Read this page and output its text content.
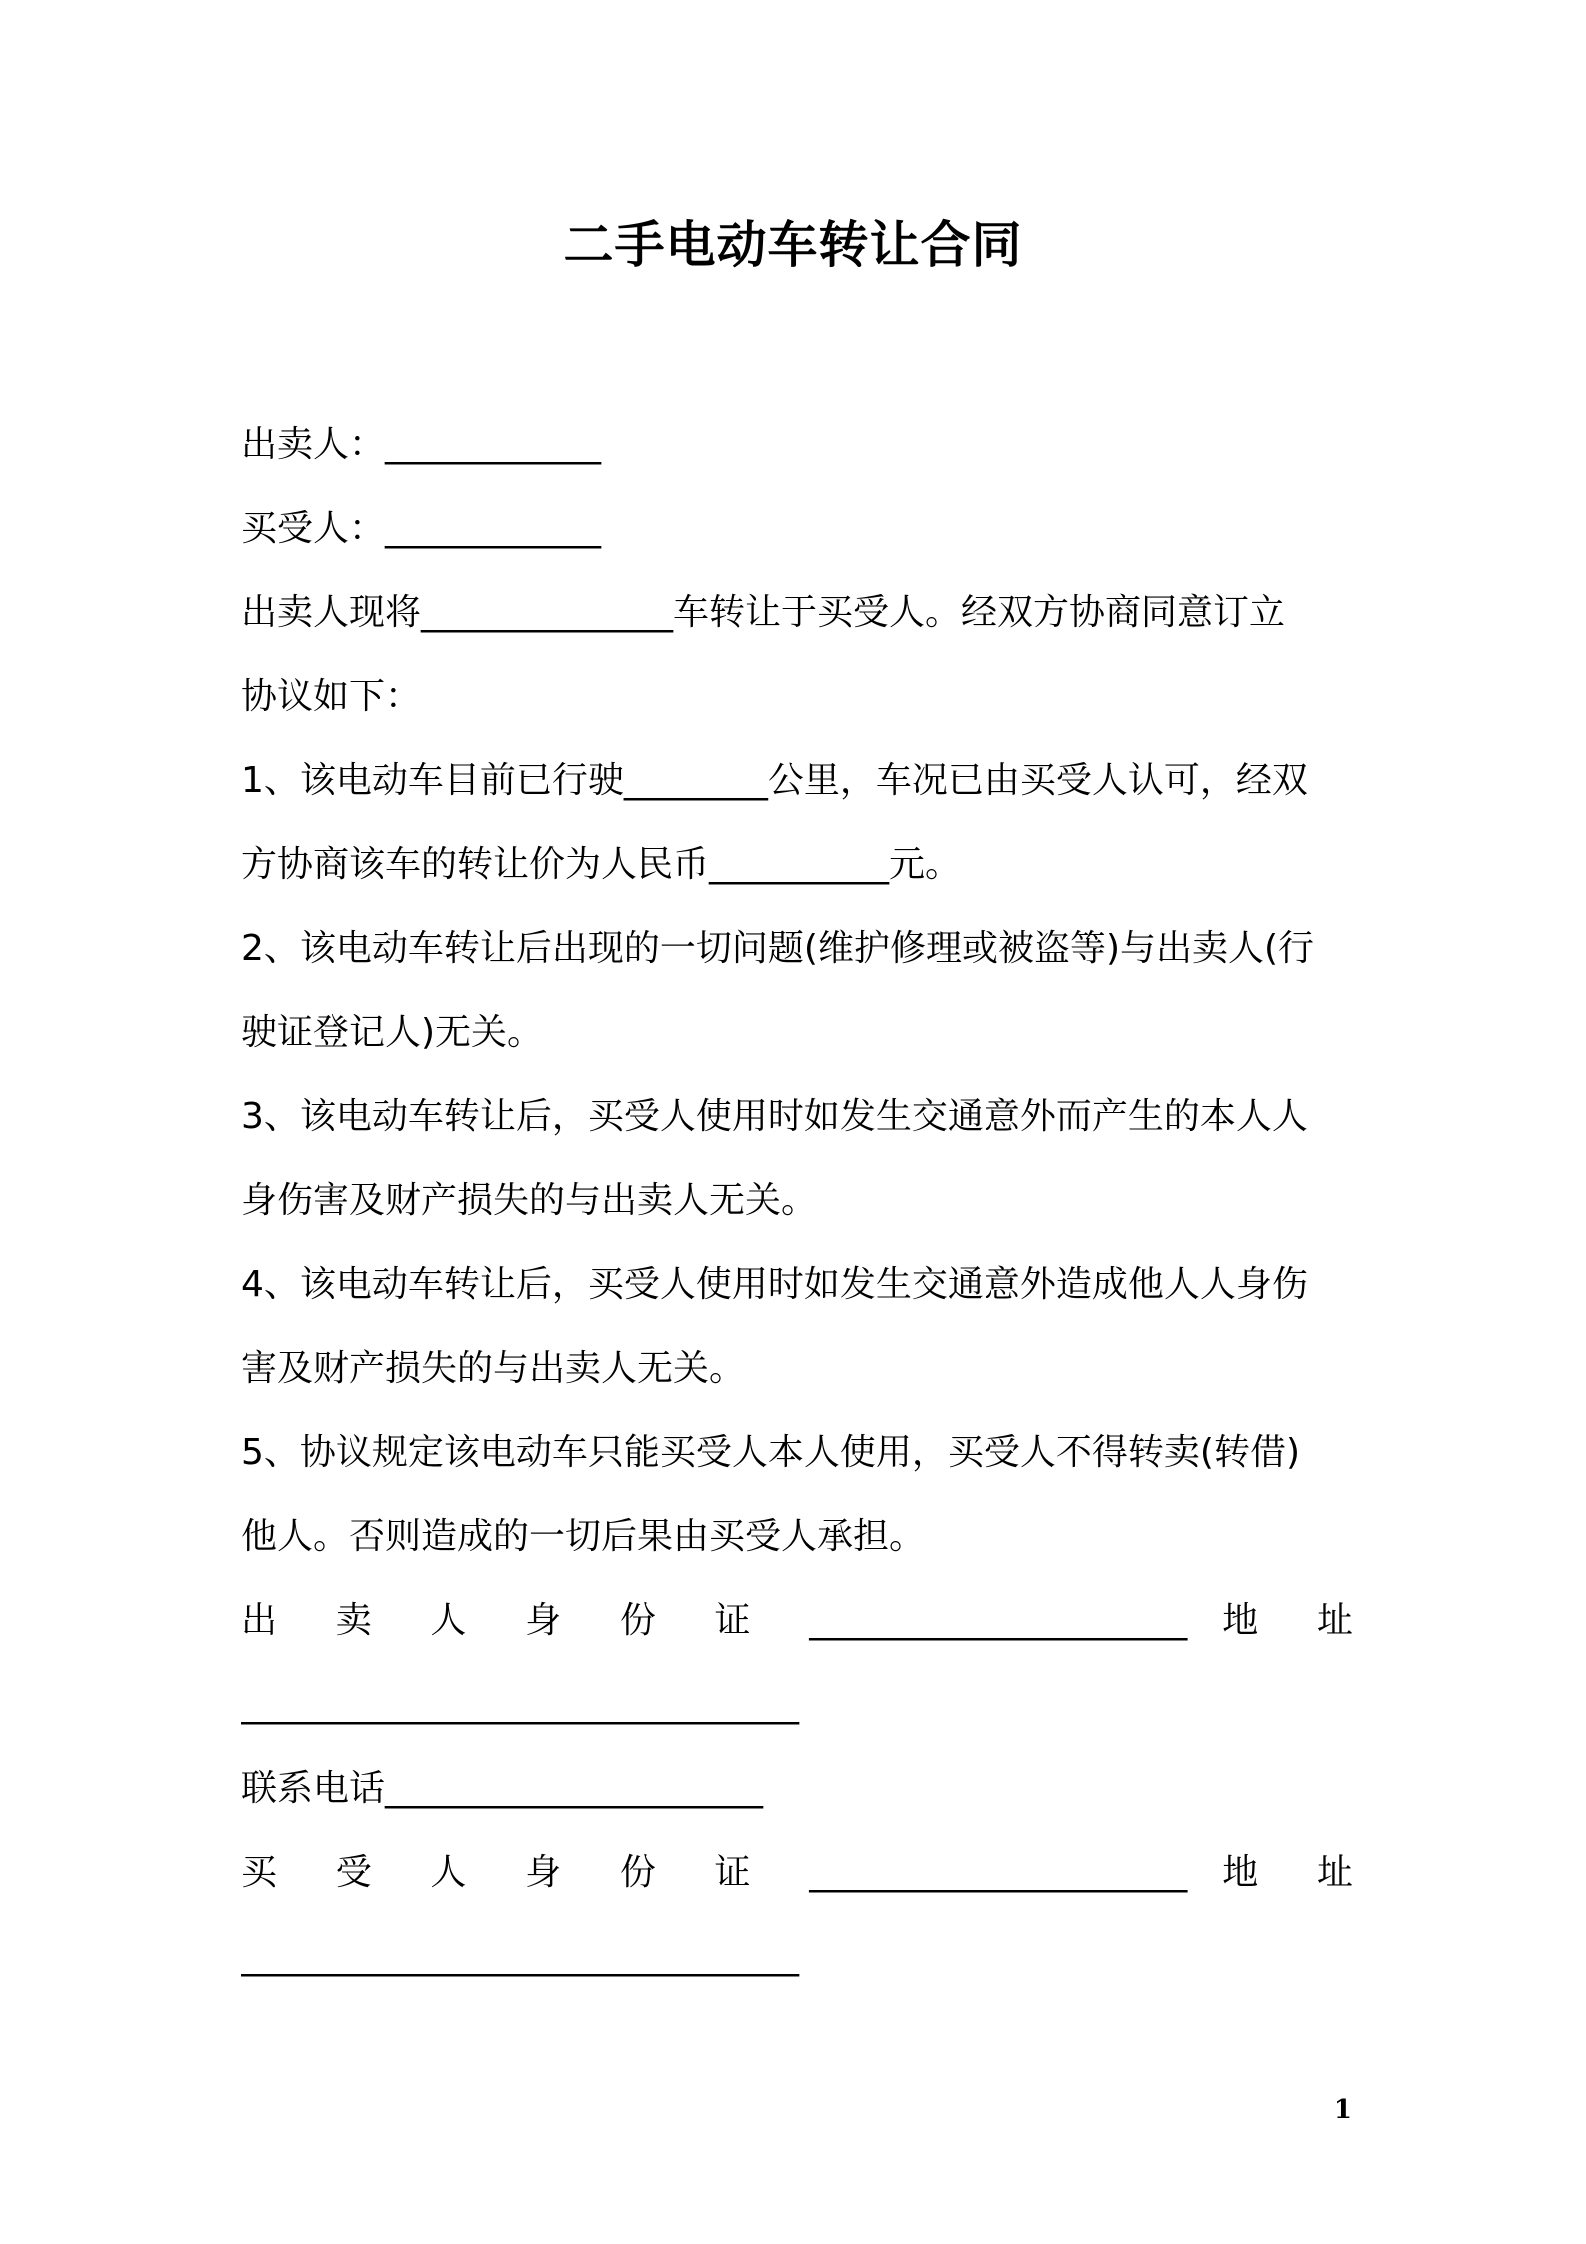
二手电动车转让合同
出卖人：____________
买受人：____________
出卖人现将______________车转让于买受人。经双方协商同意订立
协议如下：
1、该电动车目前已行驶________公里，车况已由买受人认可，经双
方协商该车的转让价为人民币__________元。
2、该电动车转让后出现的一切问题(维护修理或被盗等)与出卖人(行
驶证登记人)无关。
3、该电动车转让后，买受人使用时如发生交通意外而产生的本人人
身伤害及财产损失的与出卖人无关。
4、该电动车转让后，买受人使用时如发生交通意外造成他人人身伤
害及财产损失的与出卖人无关。
5、协议规定该电动车只能买受人本人使用，买受人不得转卖(转借)
他人。否则造成的一切后果由买受人承担。
出 卖 人 身 份 证 _____________________ 地 址
_______________________________
联系电话_____________________
买 受 人 身 份 证 _____________________ 地 址
_______________________________
1
